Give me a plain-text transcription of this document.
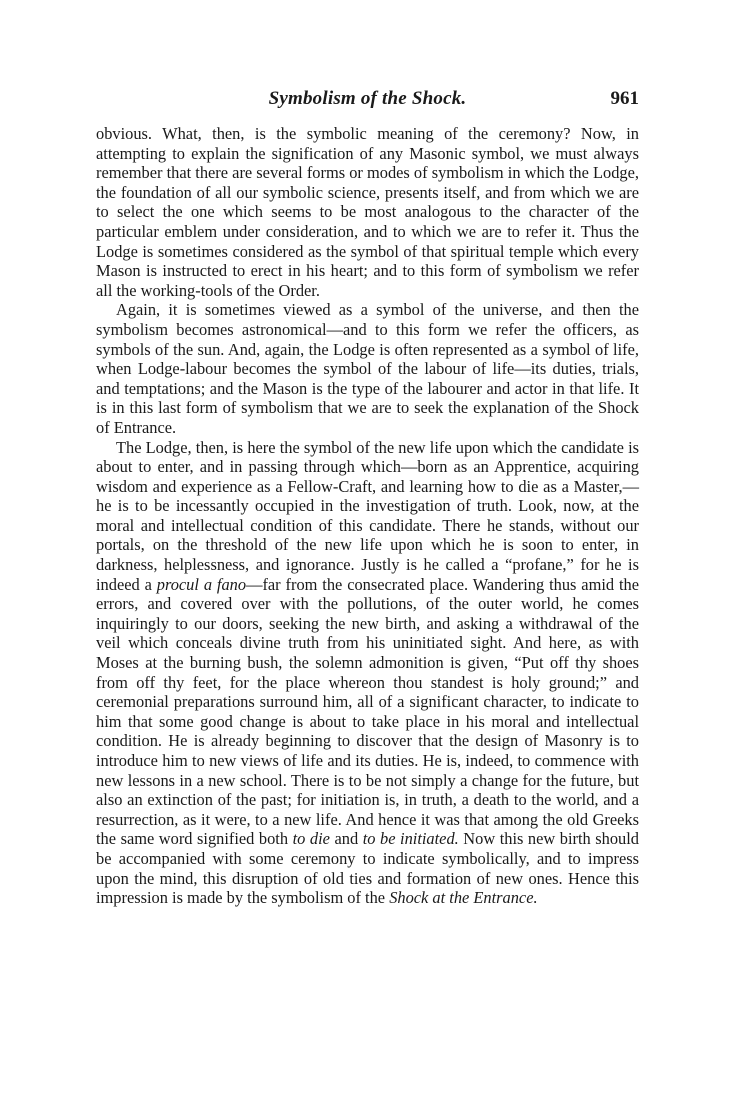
Symbolism of the Shock.	961

obvious. What, then, is the symbolic meaning of the ceremony? Now, in attempting to explain the signification of any Masonic symbol, we must always remember that there are several forms or modes of symbolism in which the Lodge, the foundation of all our symbolic science, presents itself, and from which we are to select the one which seems to be most analogous to the character of the particular emblem under consideration, and to which we are to refer it. Thus the Lodge is sometimes considered as the symbol of that spiritual temple which every Mason is instructed to erect in his heart; and to this form of symbolism we refer all the working-tools of the Order.

Again, it is sometimes viewed as a symbol of the universe, and then the symbolism becomes astronomical—and to this form we refer the officers, as symbols of the sun. And, again, the Lodge is often represented as a symbol of life, when Lodge-labour becomes the symbol of the labour of life—its duties, trials, and temptations; and the Mason is the type of the labourer and actor in that life. It is in this last form of symbolism that we are to seek the explanation of the Shock of Entrance.

The Lodge, then, is here the symbol of the new life upon which the candidate is about to enter, and in passing through which—born as an Apprentice, acquiring wisdom and experience as a Fellow-Craft, and learning how to die as a Master,—he is to be incessantly occupied in the investigation of truth. Look, now, at the moral and intellectual condition of this candidate. There he stands, without our portals, on the threshold of the new life upon which he is soon to enter, in darkness, helplessness, and ignorance. Justly is he called a “profane,” for he is indeed a procul a fano—far from the consecrated place. Wandering thus amid the errors, and covered over with the pollutions, of the outer world, he comes inquiringly to our doors, seeking the new birth, and asking a withdrawal of the veil which conceals divine truth from his uninitiated sight. And here, as with Moses at the burning bush, the solemn admonition is given, “Put off thy shoes from off thy feet, for the place whereon thou standest is holy ground;” and ceremonial preparations surround him, all of a significant character, to indicate to him that some good change is about to take place in his moral and intellectual condition. He is already beginning to discover that the design of Masonry is to introduce him to new views of life and its duties. He is, indeed, to commence with new lessons in a new school. There is to be not simply a change for the future, but also an extinction of the past; for initiation is, in truth, a death to the world, and a resurrection, as it were, to a new life. And hence it was that among the old Greeks the same word signified both to die and to be initiated. Now this new birth should be accompanied with some ceremony to indicate symbolically, and to impress upon the mind, this disruption of old ties and formation of new ones. Hence this impression is made by the symbolism of the Shock at the Entrance.
